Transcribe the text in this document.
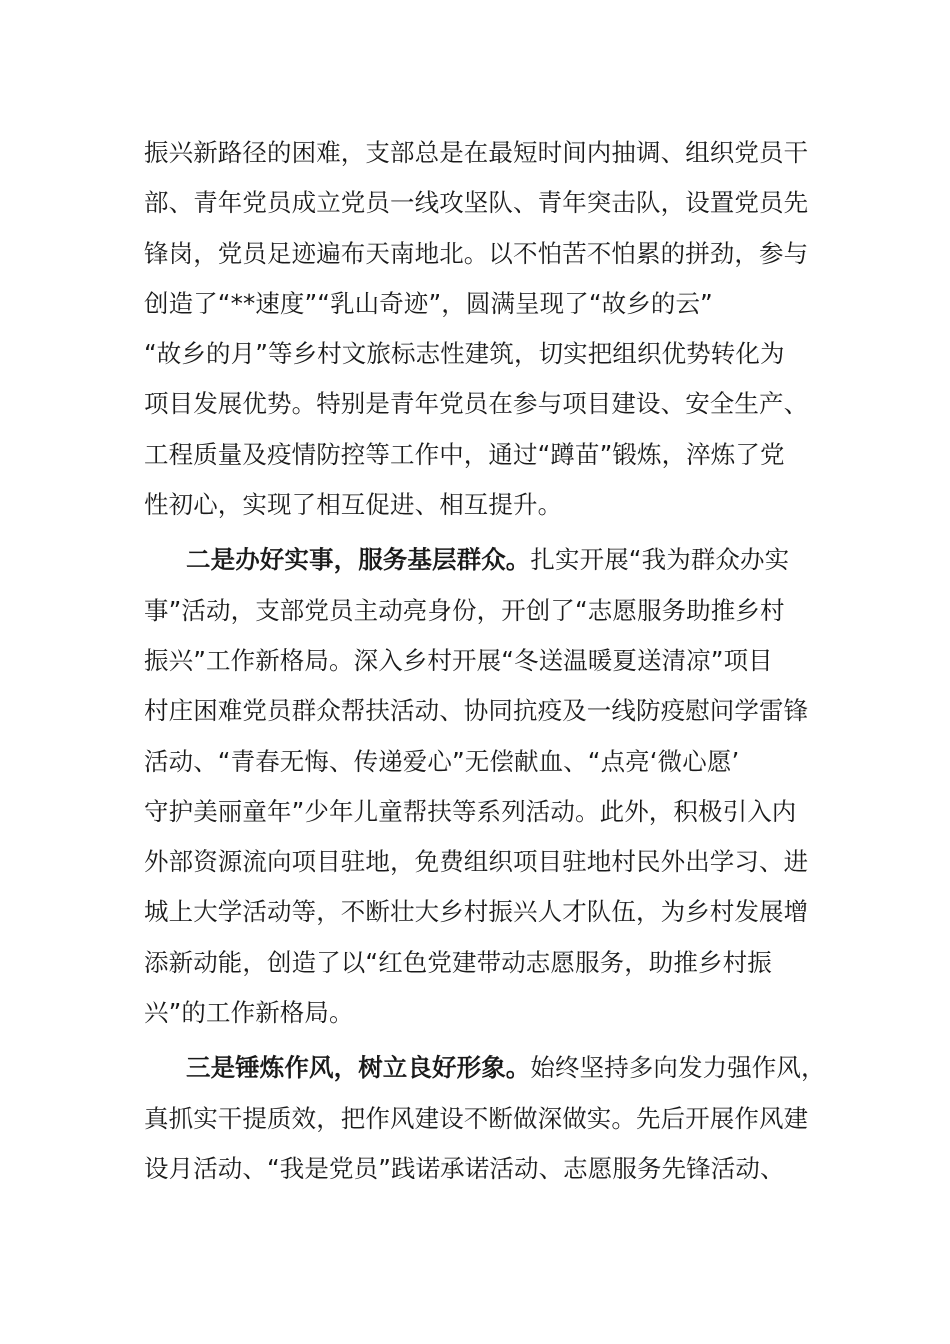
振兴新路径的困难，支部总是在最短时间内抽调、组织党员干
部、青年党员成立党员一线攻坚队、青年突击队，设置党员先
锋岗，党员足迹遍布天南地北。以不怕苦不怕累的拼劲，参与
创造了“**速度”“乳山奇迹”，圆满呈现了“故乡的云”
“故乡的月”等乡村文旅标志性建筑，切实把组织优势转化为
项目发展优势。特别是青年党员在参与项目建设、安全生产、
工程质量及疫情防控等工作中，通过“蹲苗”锻炼，淬炼了党
性初心，实现了相互促进、相互提升。

二是办好实事，服务基层群众。扎实开展“我为群众办实
事”活动，支部党员主动亮身份，开创了“志愿服务助推乡村
振兴”工作新格局。深入乡村开展“冬送温暖夏送清凉”项目
村庄困难党员群众帮扶活动、协同抗疫及一线防疫慰问学雷锋
活动、“青春无悔、传递爱心”无偿献血、“点亮‘微心愿’
守护美丽童年”少年儿童帮扶等系列活动。此外，积极引入内
外部资源流向项目驻地，免费组织项目驻地村民外出学习、进
城上大学活动等，不断壮大乡村振兴人才队伍，为乡村发展增
添新动能，创造了以“红色党建带动志愿服务，助推乡村振
兴”的工作新格局。

三是锤炼作风，树立良好形象。始终坚持多向发力强作风，
真抓实干提质效，把作风建设不断做深做实。先后开展作风建
设月活动、“我是党员”践诺承诺活动、志愿服务先锋活动、
